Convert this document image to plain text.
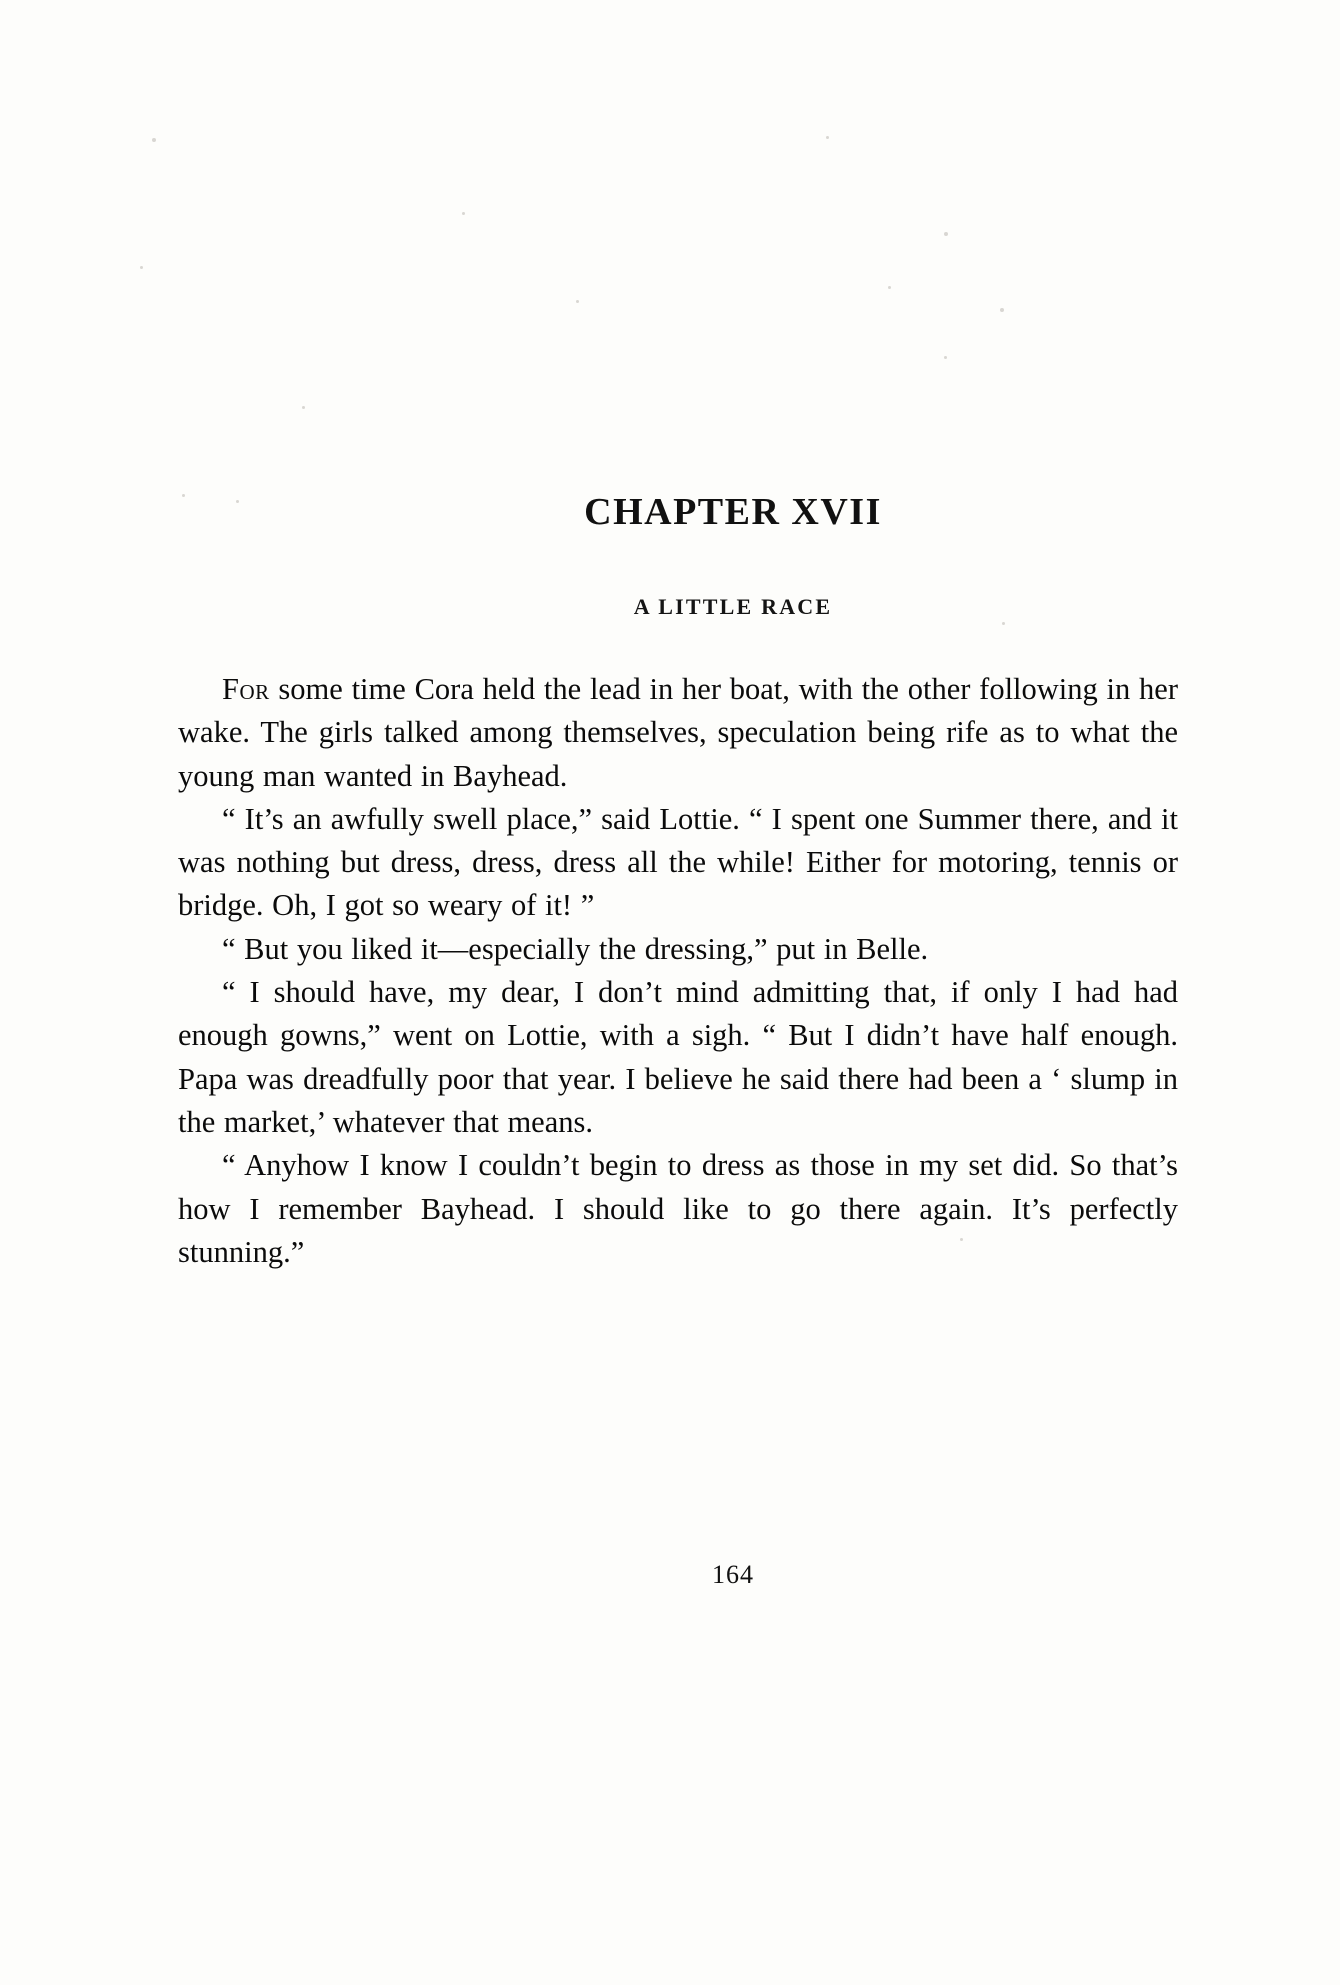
CHAPTER XVII
A LITTLE RACE

For some time Cora held the lead in her boat, with the other following in her wake. The girls talked among themselves, speculation being rife as to what the young man wanted in Bayhead.

“ It’s an awfully swell place,” said Lottie. “ I spent one Summer there, and it was nothing but dress, dress, dress all the while! Either for motoring, tennis or bridge. Oh, I got so weary of it! ”

“ But you liked it—especially the dressing,” put in Belle.

“ I should have, my dear, I don’t mind admitting that, if only I had had enough gowns,” went on Lottie, with a sigh. “ But I didn’t have half enough. Papa was dreadfully poor that year. I believe he said there had been a ‘ slump in the market,’ whatever that means.

“ Anyhow I know I couldn’t begin to dress as those in my set did. So that’s how I remember Bayhead. I should like to go there again. It’s perfectly stunning.”

164
